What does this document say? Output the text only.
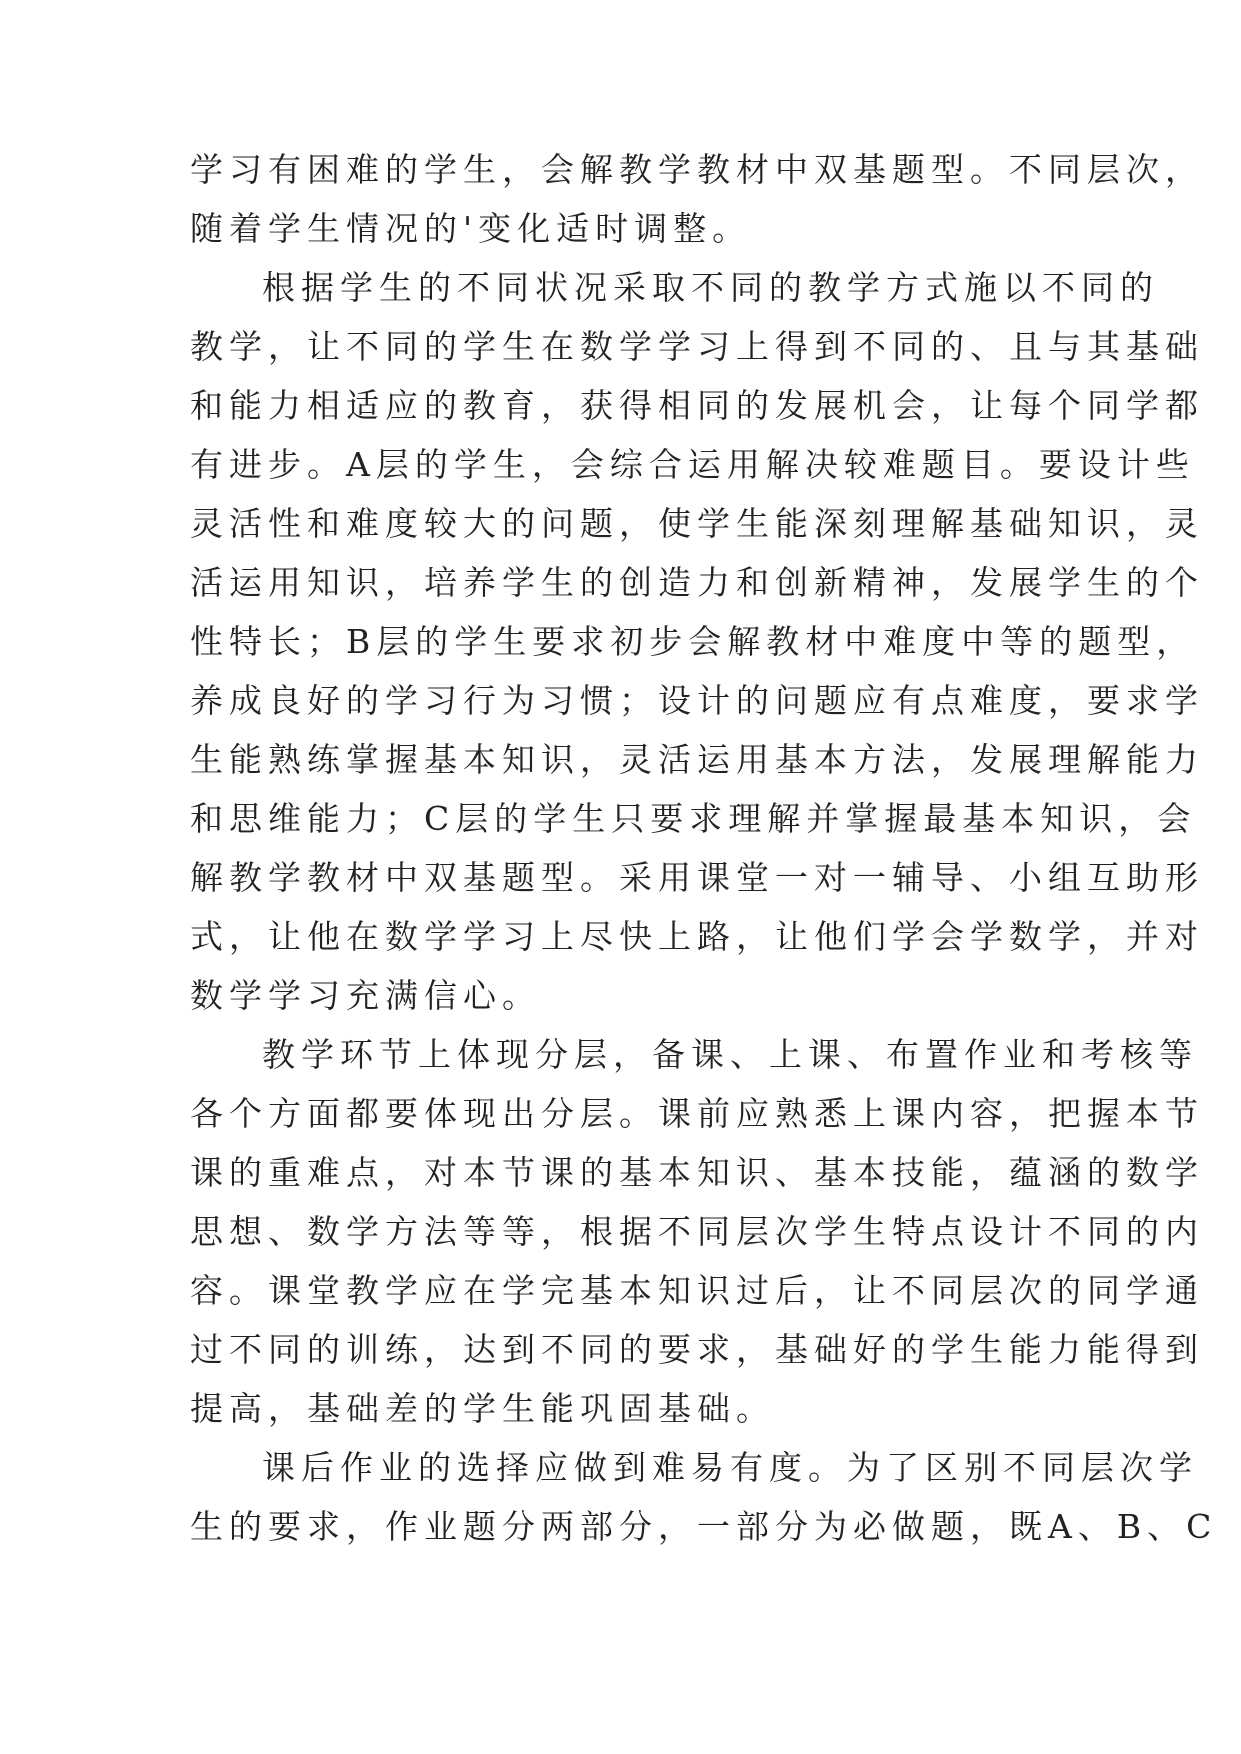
学习有困难的学生，会解教学教材中双基题型。不同层次，
随着学生情况的'变化适时调整。
根据学生的不同状况采取不同的教学方式施以不同的
教学，让不同的学生在数学学习上得到不同的、且与其基础
和能力相适应的教育，获得相同的发展机会，让每个同学都
有进步。A层的学生，会综合运用解决较难题目。要设计些
灵活性和难度较大的问题，使学生能深刻理解基础知识，灵
活运用知识，培养学生的创造力和创新精神，发展学生的个
性特长；B层的学生要求初步会解教材中难度中等的题型，
养成良好的学习行为习惯；设计的问题应有点难度，要求学
生能熟练掌握基本知识，灵活运用基本方法，发展理解能力
和思维能力；C层的学生只要求理解并掌握最基本知识，会
解教学教材中双基题型。采用课堂一对一辅导、小组互助形
式，让他在数学学习上尽快上路，让他们学会学数学，并对
数学学习充满信心。
教学环节上体现分层，备课、上课、布置作业和考核等
各个方面都要体现出分层。课前应熟悉上课内容，把握本节
课的重难点，对本节课的基本知识、基本技能，蕴涵的数学
思想、数学方法等等，根据不同层次学生特点设计不同的内
容。课堂教学应在学完基本知识过后，让不同层次的同学通
过不同的训练，达到不同的要求，基础好的学生能力能得到
提高，基础差的学生能巩固基础。
课后作业的选择应做到难易有度。为了区别不同层次学
生的要求，作业题分两部分，一部分为必做题，既A、B、C
